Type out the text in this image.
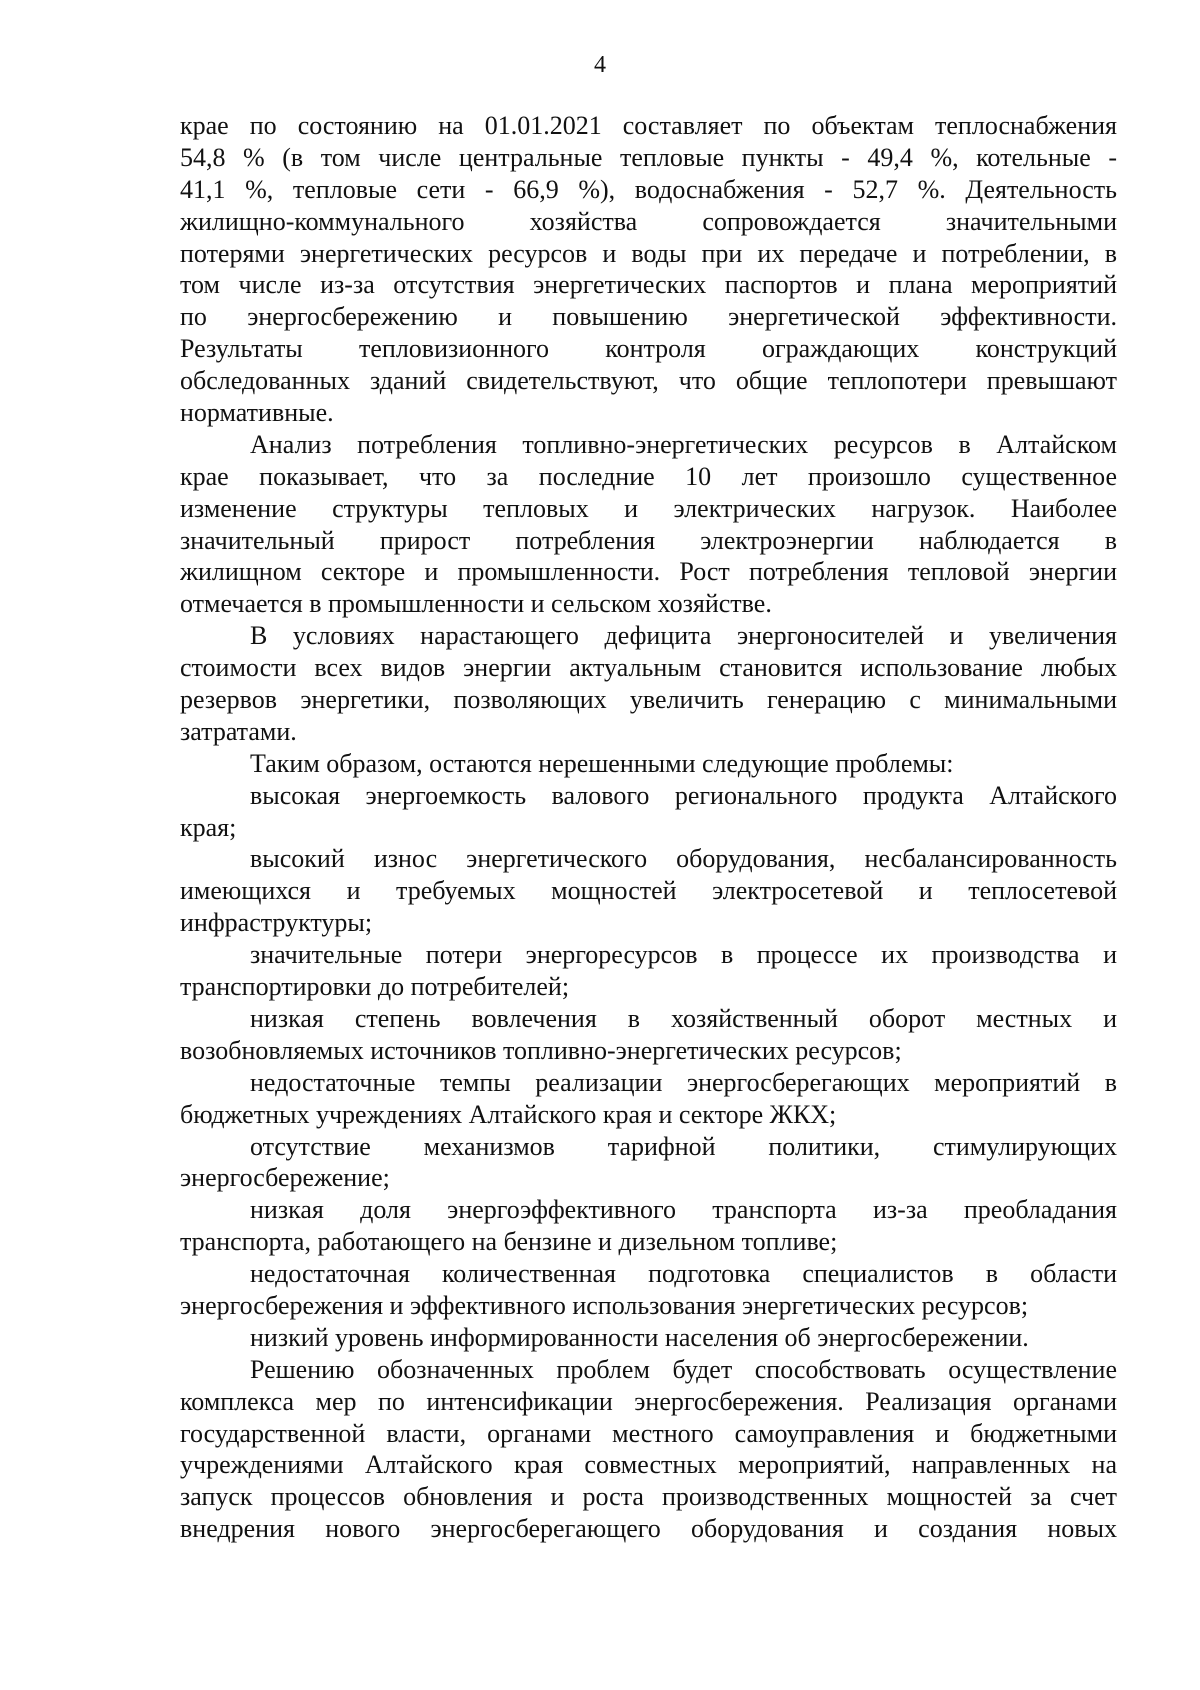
4
крае по состоянию на 01.01.2021 составляет по объектам теплоснабжения
54,8 % (в том числе центральные тепловые пункты - 49,4 %, котельные -
41,1 %, тепловые сети - 66,9 %), водоснабжения - 52,7 %. Деятельность
жилищно-коммунального хозяйства сопровождается значительными
потерями энергетических ресурсов и воды при их передаче и потреблении, в
том числе из-за отсутствия энергетических паспортов и плана мероприятий
по энергосбережению и повышению энергетической эффективности.
Результаты тепловизионного контроля ограждающих конструкций
обследованных зданий свидетельствуют, что общие теплопотери превышают
нормативные.
Анализ потребления топливно-энергетических ресурсов в Алтайском
крае показывает, что за последние 10 лет произошло существенное
изменение структуры тепловых и электрических нагрузок. Наиболее
значительный прирост потребления электроэнергии наблюдается в
жилищном секторе и промышленности. Рост потребления тепловой энергии
отмечается в промышленности и сельском хозяйстве.
В условиях нарастающего дефицита энергоносителей и увеличения
стоимости всех видов энергии актуальным становится использование любых
резервов энергетики, позволяющих увеличить генерацию с минимальными
затратами.
Таким образом, остаются нерешенными следующие проблемы:
высокая энергоемкость валового регионального продукта Алтайского
края;
высокий износ энергетического оборудования, несбалансированность
имеющихся и требуемых мощностей электросетевой и теплосетевой
инфраструктуры;
значительные потери энергоресурсов в процессе их производства и
транспортировки до потребителей;
низкая степень вовлечения в хозяйственный оборот местных и
возобновляемых источников топливно-энергетических ресурсов;
недостаточные темпы реализации энергосберегающих мероприятий в
бюджетных учреждениях Алтайского края и секторе ЖКХ;
отсутствие механизмов тарифной политики, стимулирующих
энергосбережение;
низкая доля энергоэффективного транспорта из-за преобладания
транспорта, работающего на бензине и дизельном топливе;
недостаточная количественная подготовка специалистов в области
энергосбережения и эффективного использования энергетических ресурсов;
низкий уровень информированности населения об энергосбережении.
Решению обозначенных проблем будет способствовать осуществление
комплекса мер по интенсификации энергосбережения. Реализация органами
государственной власти, органами местного самоуправления и бюджетными
учреждениями Алтайского края совместных мероприятий, направленных на
запуск процессов обновления и роста производственных мощностей за счет
внедрения нового энергосберегающего оборудования и создания новых
